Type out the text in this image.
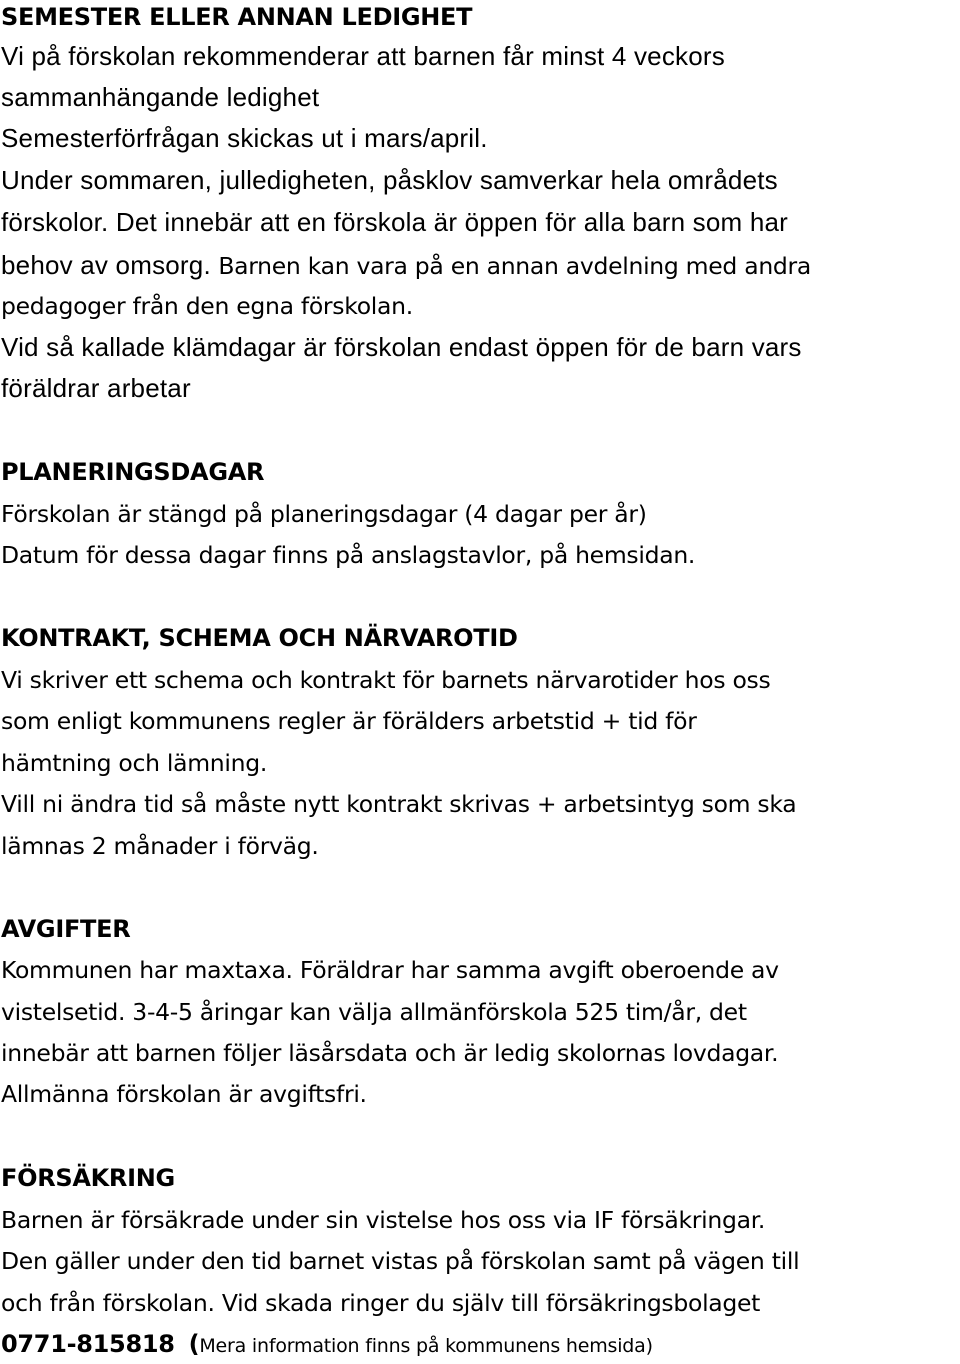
SEMESTER ELLER ANNAN LEDIGHET
Vi på förskolan rekommenderar att barnen får minst 4 veckors
sammanhängande ledighet
Semesterförfrågan skickas ut i mars/april.
Under sommaren, julledigheten, påsklov samverkar hela områdets
förskolor. Det innebär att en förskola är öppen för alla barn som har
behov av omsorg. Barnen kan vara på en annan avdelning med andra
pedagoger från den egna förskolan.
Vid så kallade klämdagar är förskolan endast öppen för de barn vars
föräldrar arbetar
PLANERINGSDAGAR
Förskolan är stängd på planeringsdagar (4 dagar per år)
Datum för dessa dagar finns på anslagstavlor, på hemsidan.
KONTRAKT, SCHEMA OCH NÄRVAROTID
Vi skriver ett schema och kontrakt för barnets närvarotider hos oss
som enligt kommunens regler är förälders arbetstid + tid för
hämtning och lämning.
Vill ni ändra tid så måste nytt kontrakt skrivas + arbetsintyg som ska
lämnas 2 månader i förväg.
AVGIFTER
Kommunen har maxtaxa. Föräldrar har samma avgift oberoende av
vistelsetid. 3-4-5 åringar kan välja allmänförskola 525 tim/år, det
innebär att barnen följer läsårsdata och är ledig skolornas lovdagar.
Allmänna förskolan är avgiftsfri.
FÖRSÄKRING
Barnen är försäkrade under sin vistelse hos oss via IF försäkringar.
Den gäller under den tid barnet vistas på förskolan samt på vägen till
och från förskolan. Vid skada ringer du själv till försäkringsbolaget
0771-815818 (Mera information finns på kommunens hemsida)
